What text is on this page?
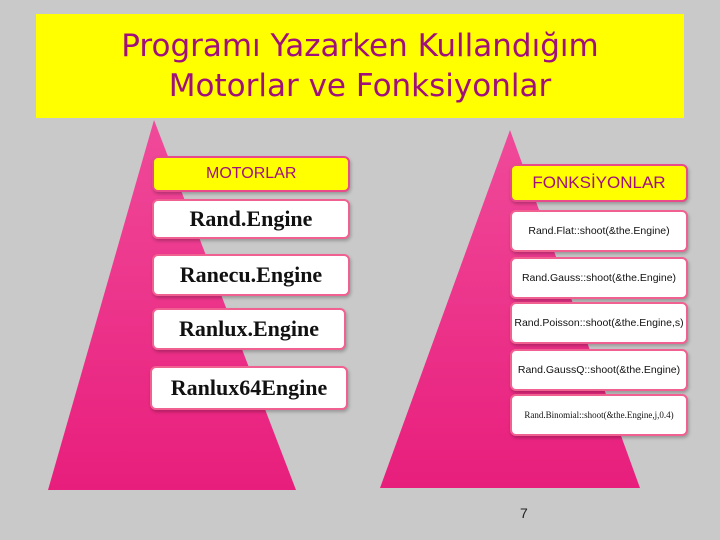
Programı Yazarken Kullandığım
Motorlar ve Fonksiyonlar
MOTORLAR
Rand.Engine
Ranecu.Engine
Ranlux.Engine
Ranlux64Engine
FONKSİYONLAR
Rand.Flat::shoot(&the.Engine)
Rand.Gauss::shoot(&the.Engine)
Rand.Poisson::shoot(&the.Engine,s)
Rand.GaussQ::shoot(&the.Engine)
Rand.Binomial::shoot(&the.Engine,j,0.4)
7
